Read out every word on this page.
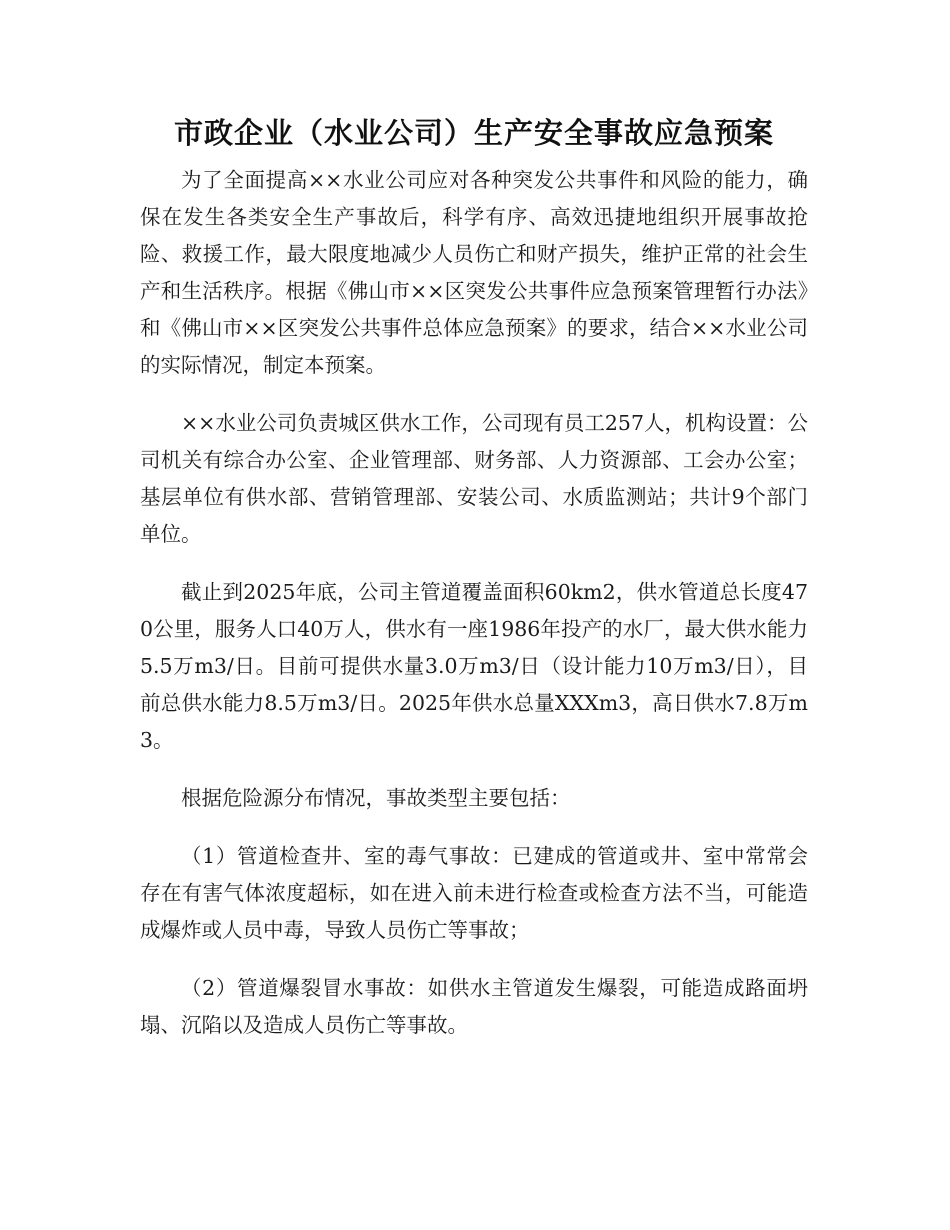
市政企业（水业公司）生产安全事故应急预案

为了全面提高××水业公司应对各种突发公共事件和风险的能力，确保在发生各类安全生产事故后，科学有序、高效迅捷地组织开展事故抢险、救援工作，最大限度地减少人员伤亡和财产损失，维护正常的社会生产和生活秩序。根据《佛山市××区突发公共事件应急预案管理暂行办法》和《佛山市××区突发公共事件总体应急预案》的要求，结合××水业公司的实际情况，制定本预案。

××水业公司负责城区供水工作，公司现有员工257人，机构设置：公司机关有综合办公室、企业管理部、财务部、人力资源部、工会办公室；基层单位有供水部、营销管理部、安装公司、水质监测站；共计9个部门单位。

截止到2025年底，公司主管道覆盖面积60km2，供水管道总长度470公里，服务人口40万人，供水有一座1986年投产的水厂，最大供水能力5.5万m3/日。目前可提供水量3.0万m3/日（设计能力10万m3/日），目前总供水能力8.5万m3/日。2025年供水总量XXXm3，高日供水7.8万m3。

根据危险源分布情况，事故类型主要包括：

（1）管道检查井、室的毒气事故：已建成的管道或井、室中常常会存在有害气体浓度超标，如在进入前未进行检查或检查方法不当，可能造成爆炸或人员中毒，导致人员伤亡等事故；

（2）管道爆裂冒水事故：如供水主管道发生爆裂，可能造成路面坍塌、沉陷以及造成人员伤亡等事故。
